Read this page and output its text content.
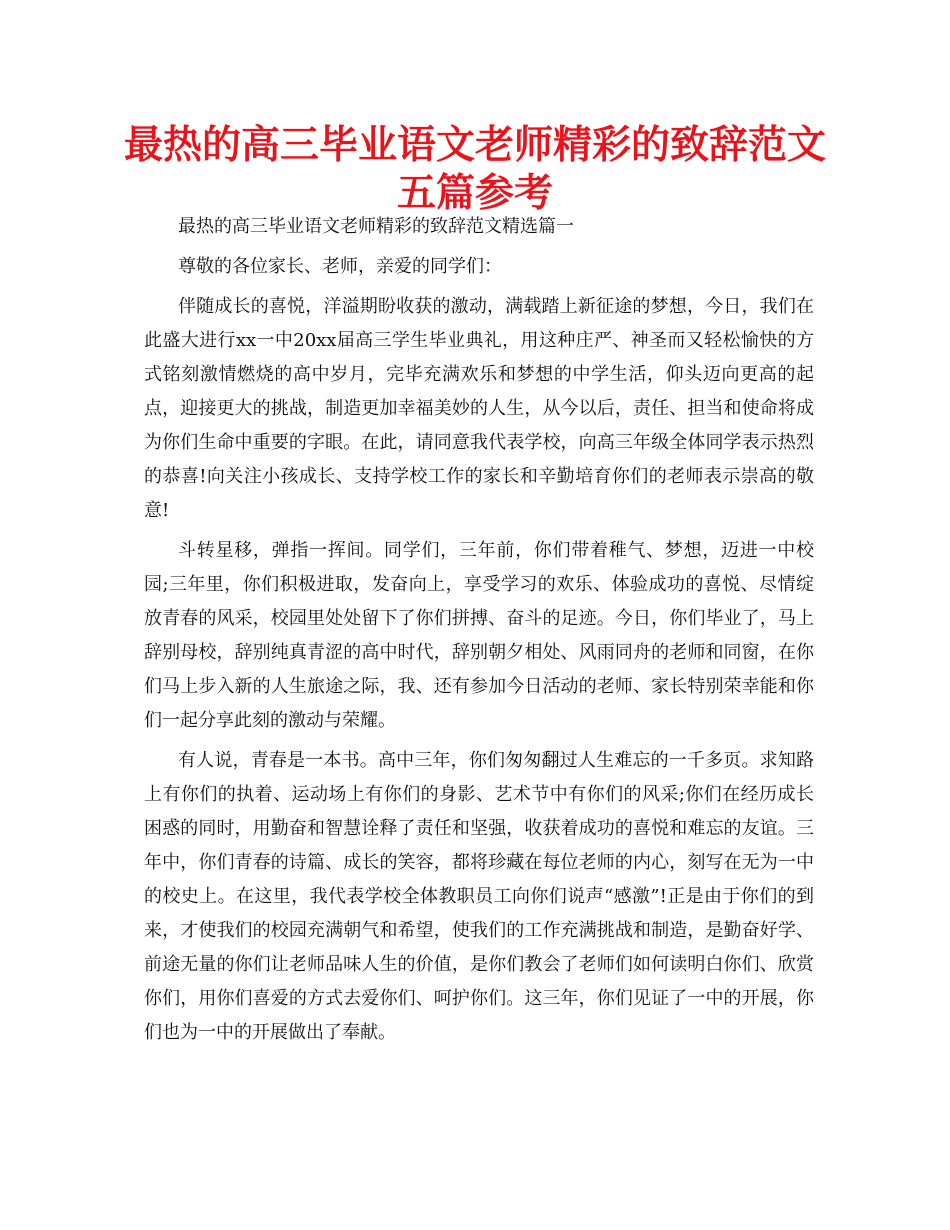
最热的高三毕业语文老师精彩的致辞范文五篇参考

最热的高三毕业语文老师精彩的致辞范文精选篇一

尊敬的各位家长、老师，亲爱的同学们：

伴随成长的喜悦，洋溢期盼收获的激动，满载踏上新征途的梦想，今日，我们在此盛大进行xx一中20xx届高三学生毕业典礼，用这种庄严、神圣而又轻松愉快的方式铭刻激情燃烧的高中岁月，完毕充满欢乐和梦想的中学生活，仰头迈向更高的起点，迎接更大的挑战，制造更加幸福美妙的人生，从今以后，责任、担当和使命将成为你们生命中重要的字眼。在此，请同意我代表学校，向高三年级全体同学表示热烈的恭喜!向关注小孩成长、支持学校工作的家长和辛勤培育你们的老师表示崇高的敬意!

斗转星移，弹指一挥间。同学们，三年前，你们带着稚气、梦想，迈进一中校园;三年里，你们积极进取，发奋向上，享受学习的欢乐、体验成功的喜悦、尽情绽放青春的风采，校园里处处留下了你们拼搏、奋斗的足迹。今日，你们毕业了，马上辞别母校，辞别纯真青涩的高中时代，辞别朝夕相处、风雨同舟的老师和同窗，在你们马上步入新的人生旅途之际，我、还有参加今日活动的老师、家长特别荣幸能和你们一起分享此刻的激动与荣耀。

有人说，青春是一本书。高中三年，你们匆匆翻过人生难忘的一千多页。求知路上有你们的执着、运动场上有你们的身影、艺术节中有你们的风采;你们在经历成长困惑的同时，用勤奋和智慧诠释了责任和坚强，收获着成功的喜悦和难忘的友谊。三年中，你们青春的诗篇、成长的笑容，都将珍藏在每位老师的内心，刻写在无为一中的校史上。在这里，我代表学校全体教职员工向你们说声“感激”!正是由于你们的到来，才使我们的校园充满朝气和希望，使我们的工作充满挑战和制造，是勤奋好学、前途无量的你们让老师品味人生的价值，是你们教会了老师们如何读明白你们、欣赏你们，用你们喜爱的方式去爱你们、呵护你们。这三年，你们见证了一中的开展，你们也为一中的开展做出了奉献。
